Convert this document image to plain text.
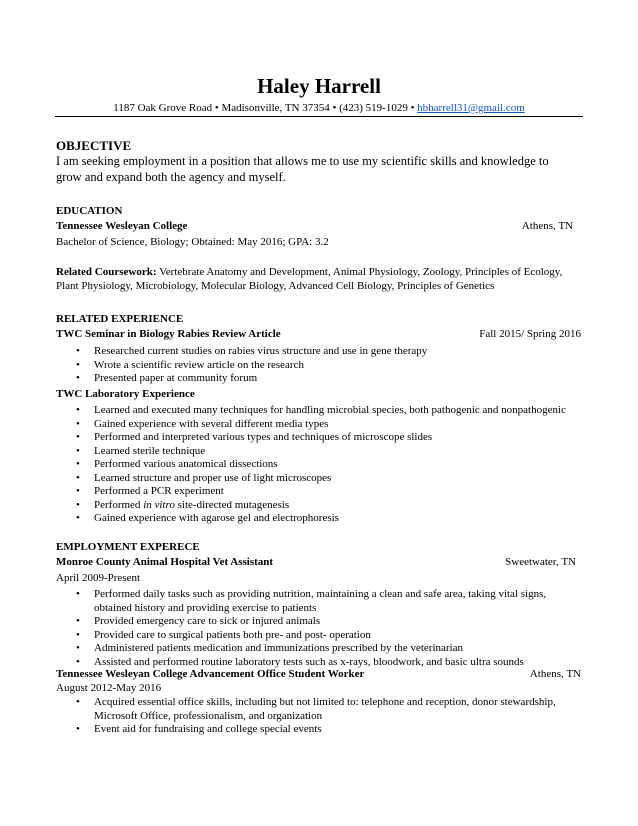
Haley Harrell
1187 Oak Grove Road • Madisonville, TN 37354 • (423) 519-1029 • hbharrell31@gmail.com
OBJECTIVE
I am seeking employment in a position that allows me to use my scientific skills and knowledge to grow and expand both the agency and myself.
EDUCATION
Tennessee Wesleyan College	Athens, TN
Bachelor of Science, Biology; Obtained: May 2016; GPA: 3.2
Related Coursework: Vertebrate Anatomy and Development, Animal Physiology, Zoology, Principles of Ecology, Plant Physiology, Microbiology, Molecular Biology, Advanced Cell Biology, Principles of Genetics
RELATED EXPERIENCE
TWC Seminar in Biology Rabies Review Article	Fall 2015/ Spring 2016
• Researched current studies on rabies virus structure and use in gene therapy
• Wrote a scientific review article on the research
• Presented paper at community forum
TWC Laboratory Experience
• Learned and executed many techniques for handling microbial species, both pathogenic and nonpathogenic
• Gained experience with several different media types
• Performed and interpreted various types and techniques of microscope slides
• Learned sterile technique
• Performed various anatomical dissections
• Learned structure and proper use of light microscopes
• Performed a PCR experiment
• Performed in vitro site-directed mutagenesis
• Gained experience with agarose gel and electrophoresis
EMPLOYMENT EXPERECE
Monroe County Animal Hospital Vet Assistant	Sweetwater, TN
April 2009-Present
• Performed daily tasks such as providing nutrition, maintaining a clean and safe area, taking vital signs, obtained history and providing exercise to patients
• Provided emergency care to sick or injured animals
• Provided care to surgical patients both pre- and post- operation
• Administered patients medication and immunizations prescribed by the veterinarian
• Assisted and performed routine laboratory tests such as x-rays, bloodwork, and basic ultra sounds
Tennessee Wesleyan College Advancement Office Student Worker	Athens, TN
August 2012-May 2016
• Acquired essential office skills, including but not limited to: telephone and reception, donor stewardship, Microsoft Office, professionalism, and organization
• Event aid for fundraising and college special events
